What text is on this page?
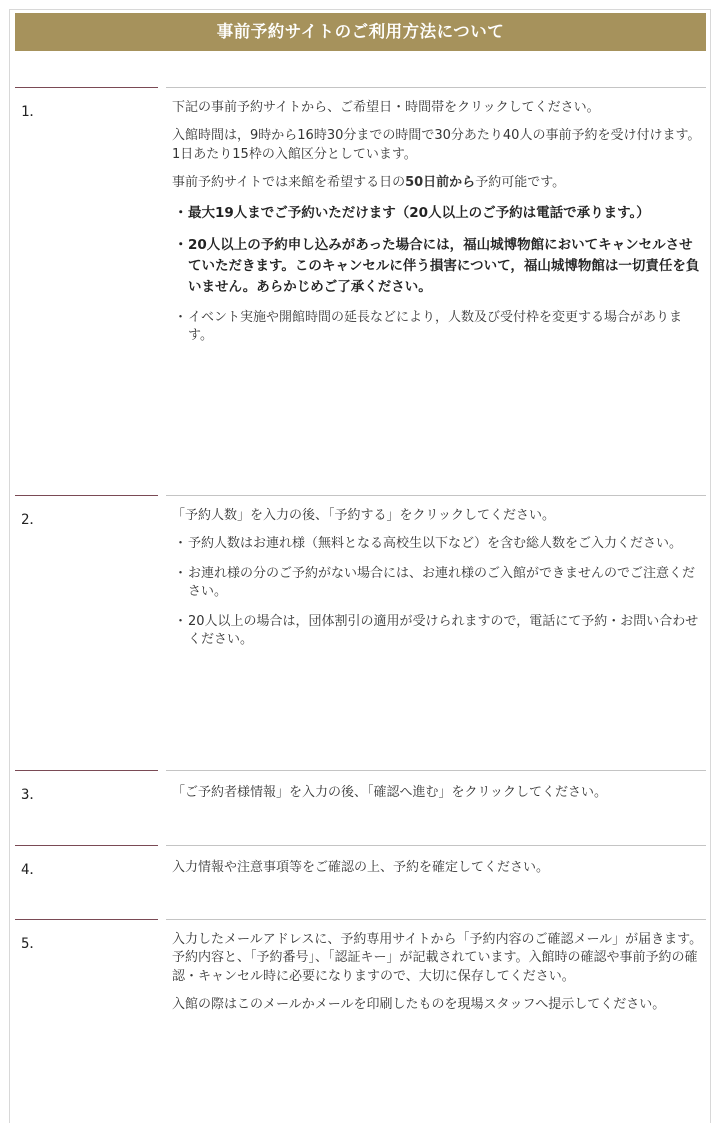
事前予約サイトのご利用方法について
1．	下記の事前予約サイトから、ご希望日・時間帯をクリックしてください。

入館時間は，9時から16時30分までの時間で30分あたり40人の事前予約を受け付けます。1日あたり15枠の入館区分としています。

事前予約サイトでは来館を希望する日の50日前から予約可能です。

・ 最大19人までご予約いただけます（20人以上のご予約は電話で承ります。）
・ 20人以上の予約申し込みがあった場合には，福山城博物館においてキャンセルさせていただきます。このキャンセルに伴う損害について，福山城博物館は一切責任を負いません。あらかじめご了承ください。
・ イベント実施や開館時間の延長などにより，人数及び受付枠を変更する場合があります。
2．	「予約人数」を入力の後、「予約する」をクリックしてください。

・ 予約人数はお連れ様（無料となる高校生以下など）を含む総人数をご入力ください。
・ お連れ様の分のご予約がない場合には、お連れ様のご入館ができませんのでご注意ください。
・ 20人以上の場合は，団体割引の適用が受けられますので，電話にて予約・お問い合わせください。
3．	「ご予約者様情報」を入力の後、「確認へ進む」をクリックしてください。

4．	入力情報や注意事項等をご確認の上、予約を確定してください。

5．	入力したメールアドレスに、予約専用サイトから「予約内容のご確認メール」が届きます。予約内容と、「予約番号」、「認証キー」が記載されています。入館時の確認や事前予約の確認・キャンセル時に必要になりますので、大切に保存してください。

入館の際はこのメールかメールを印刷したものを現場スタッフへ提示してください。
